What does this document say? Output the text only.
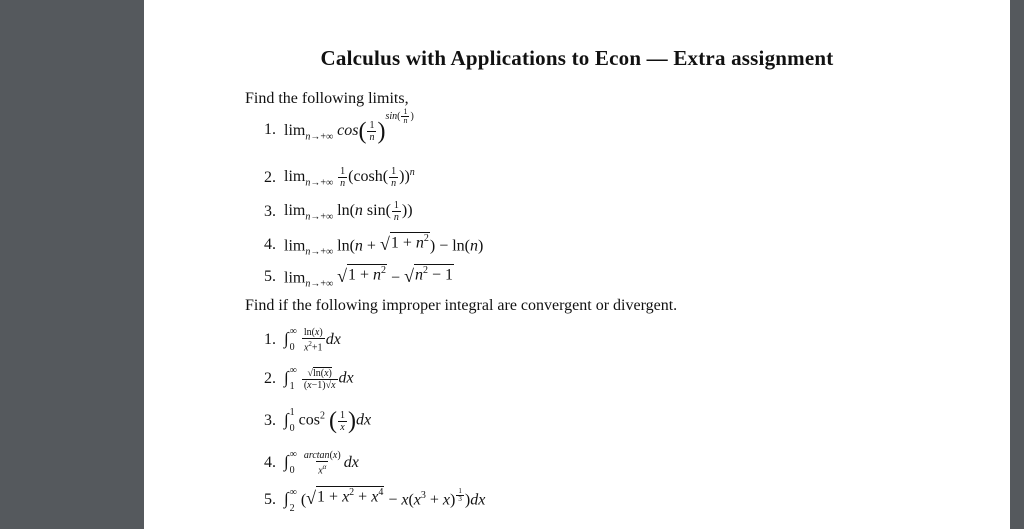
Calculus with Applications to Econ — Extra assignment
Find the following limits,
1. $\lim_{n\to+\infty} \cos( \frac{1}{n} )^{sin( \frac{1}{n} )}$
2. $\lim_{n\to+\infty} \frac{1}{n} (\cosh( \frac{1}{n} ))^n$
3. $\lim_{n\to+\infty} \ln(n$ $\sin( \frac{1}{n}$ ))
4. $\lim_{n\to+\infty} \ln(n$ + √ $1 + n^2$ ) − ln(n)
5. $\lim_{n\to+\infty}$ √ $1 + n^2$ − √ $n^2 - 1$
Find if the following improper integral are convergent or divergent.
1. ∫ ∞
$0 \frac{\ln(x)}{x^2+1}$ dx
2. ∫ ∞
$1 \frac{√\ln(x)}{(x-1)√x}$ dx
3. ∫ 1
0 $\cos^2$ ( $\frac{1}{x} )dx$
4. ∫ ∞
$0 \frac{\arctan(x)}{x^\alpha}$ dx
5. ∫ ∞
2 ( √ $1 + x^2 + x^4 - x(x^3 + x)$ $^{\frac{1}{3}}$ )dx
